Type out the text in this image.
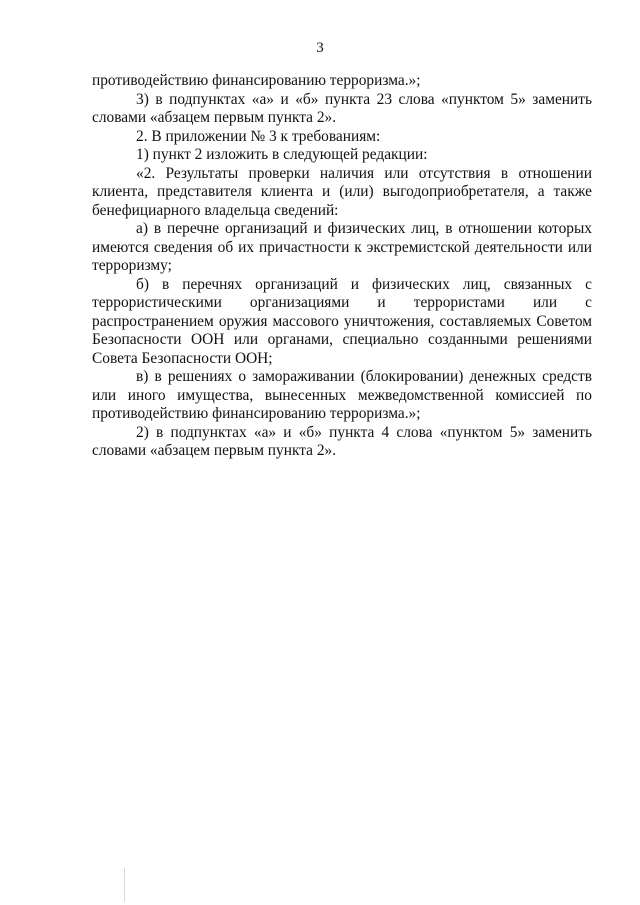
3

противодействию финансированию терроризма.»;

3) в подпунктах «а» и «б» пункта 23 слова «пунктом 5» заменить словами «абзацем первым пункта 2».

2. В приложении № 3 к требованиям:

1) пункт 2 изложить в следующей редакции:

«2. Результаты проверки наличия или отсутствия в отношении клиента, представителя клиента и (или) выгодоприобретателя, а также бенефициарного владельца сведений:

а) в перечне организаций и физических лиц, в отношении которых имеются сведения об их причастности к экстремистской деятельности или терроризму;

б) в перечнях организаций и физических лиц, связанных с террористическими организациями и террористами или с распространением оружия массового уничтожения, составляемых Советом Безопасности ООН или органами, специально созданными решениями Совета Безопасности ООН;

в) в решениях о замораживании (блокировании) денежных средств или иного имущества, вынесенных межведомственной комиссией по противодействию финансированию терроризма.»;

2) в подпунктах «а» и «б» пункта 4 слова «пунктом 5» заменить словами «абзацем первым пункта 2».
